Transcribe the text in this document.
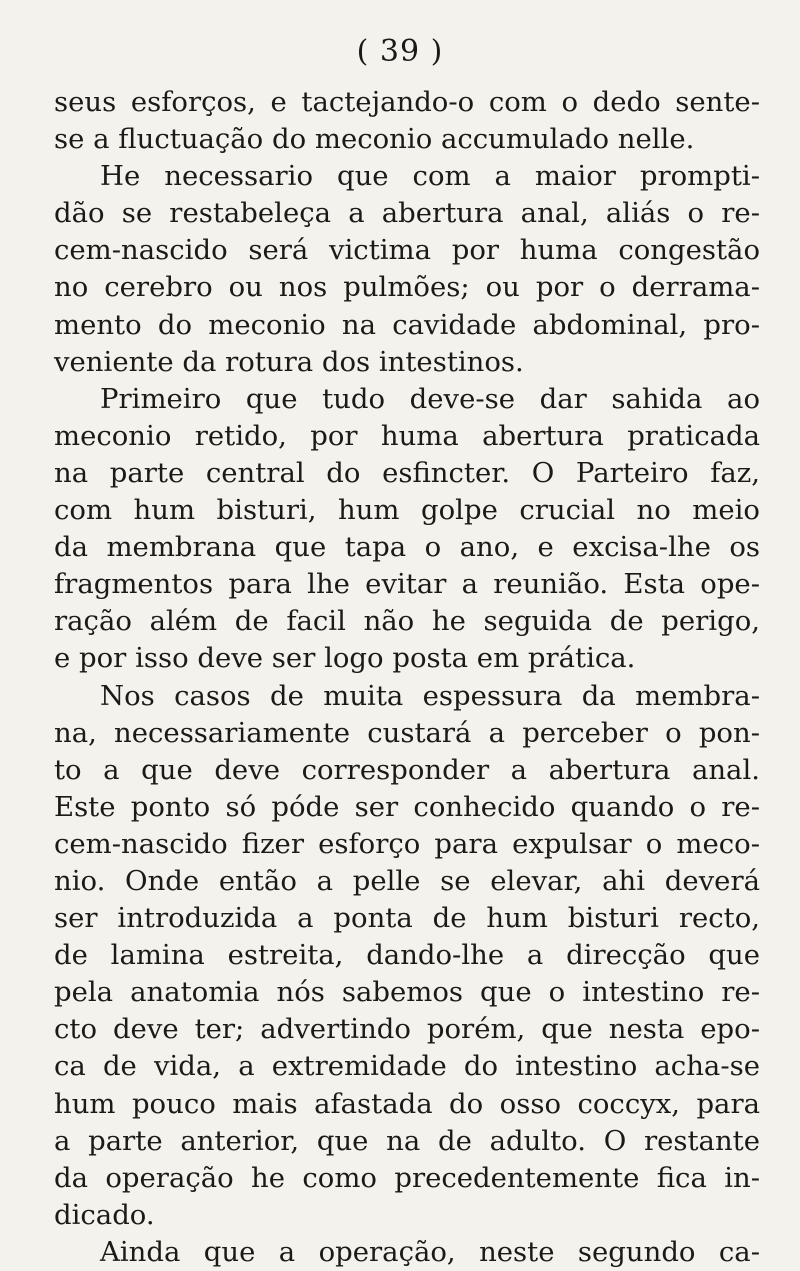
( 39 )
seus esforços, e tactejando-o com o dedo sente-
se a fluctuação do meconio accumulado nelle.
He necessario que com a maior prompti-
dão se restabeleça a abertura anal, aliás o re-
cem-nascido será victima por huma congestão
no cerebro ou nos pulmões; ou por o derrama-
mento do meconio na cavidade abdominal, pro-
veniente da rotura dos intestinos.
Primeiro que tudo deve-se dar sahida ao
meconio retido, por huma abertura praticada
na parte central do esfincter. O Parteiro faz,
com hum bisturi, hum golpe crucial no meio
da membrana que tapa o ano, e excisa-lhe os
fragmentos para lhe evitar a reunião. Esta ope-
ração além de facil não he seguida de perigo,
e por isso deve ser logo posta em prática.
Nos casos de muita espessura da membra-
na, necessariamente custará a perceber o pon-
to a que deve corresponder a abertura anal.
Este ponto só póde ser conhecido quando o re-
cem-nascido fizer esforço para expulsar o meco-
nio. Onde então a pelle se elevar, ahi deverá
ser introduzida a ponta de hum bisturi recto,
de lamina estreita, dando-lhe a direcção que
pela anatomia nós sabemos que o intestino re-
cto deve ter; advertindo porém, que nesta epo-
ca de vida, a extremidade do intestino acha-se
hum pouco mais afastada do osso coccyx, para
a parte anterior, que na de adulto. O restante
da operação he como precedentemente fica in-
dicado.
Ainda que a operação, neste segundo ca-
